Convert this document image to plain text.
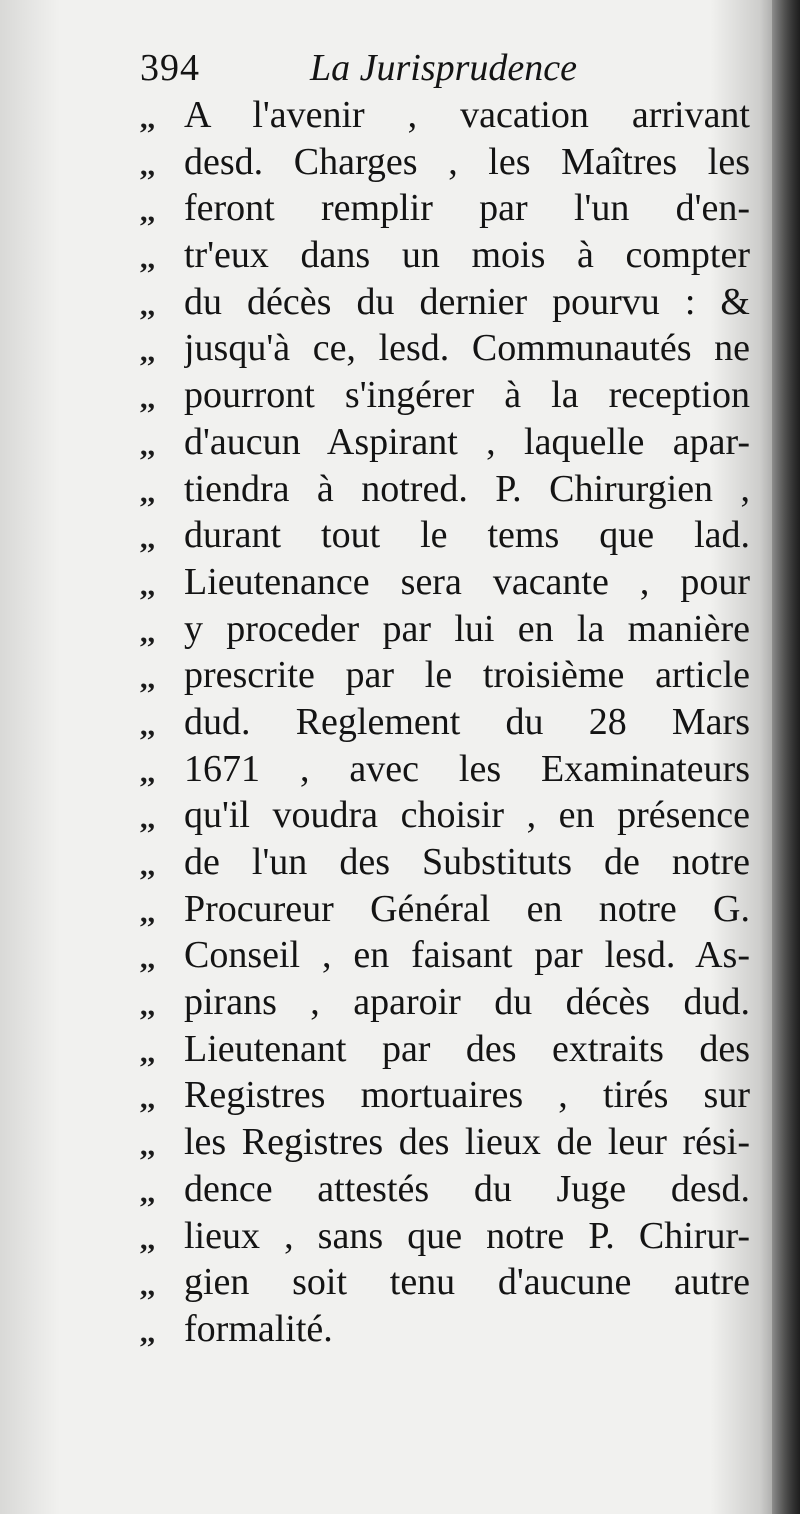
394	La Jurisprudence
,, A l'avenir , vacation arrivant
,, desd. Charges , les Maîtres les
,, feront remplir par l'un d'en-
,, tr'eux dans un mois à compter
,, du décès du dernier pourvu : &
,, jusqu'à ce, lesd. Communautés ne
,, pourront s'ingérer à la reception
,, d'aucun Aspirant , laquelle apar-
,, tiendra à notred. P. Chirurgien ,
,, durant tout le tems que lad.
,, Lieutenance sera vacante , pour
,, y proceder par lui en la manière
,, prescrite par le troisième article
,, dud. Reglement du 28 Mars
,, 1671 , avec les Examinateurs
,, qu'il voudra choisir , en présence
,, de l'un des Substituts de notre
,, Procureur Général en notre G.
,, Conseil , en faisant par lesd. As-
,, pirans , aparoir du décès dud.
,, Lieutenant par des extraits des
,, Registres mortuaires , tirés sur
,, les Registres des lieux de leur rési-
,, dence attestés du Juge desd.
,, lieux , sans que notre P. Chirur-
,, gien soit tenu d'aucune autre
,, formalité.
